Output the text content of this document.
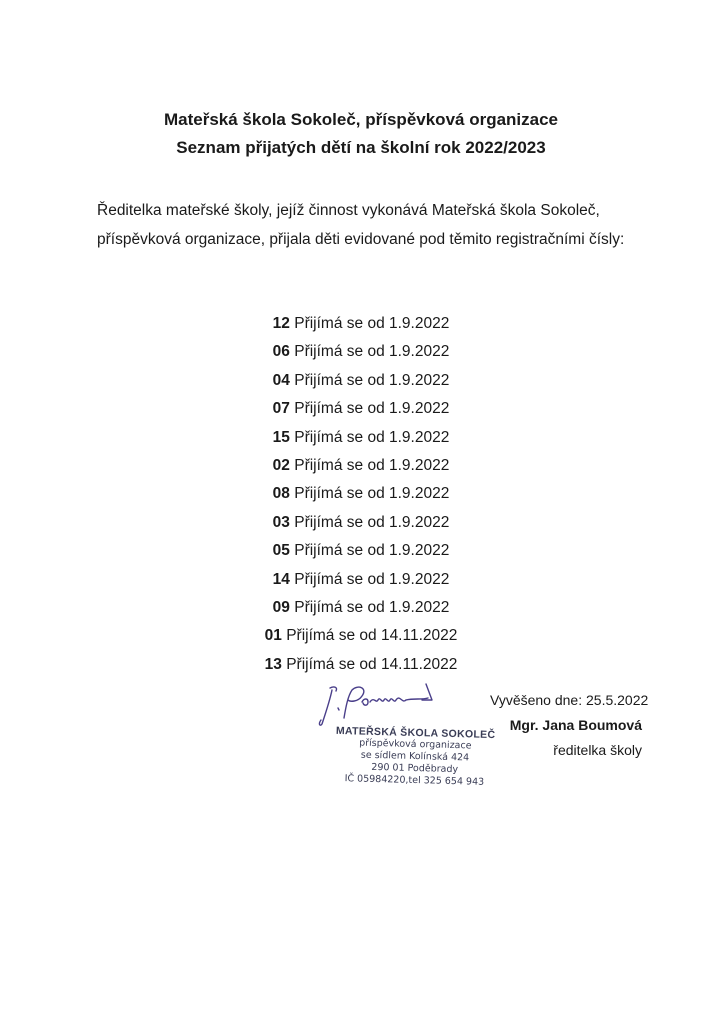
Mateřská škola Sokoleč, příspěvková organizace
Seznam přijatých dětí na školní rok 2022/2023

Ředitelka mateřské školy, jejíž činnost vykonává Mateřská škola Sokoleč, příspěvková organizace, přijala děti evidované pod těmito registračními čísly:

12 Přijímá se od 1.9.2022
06 Přijímá se od 1.9.2022
04 Přijímá se od 1.9.2022
07 Přijímá se od 1.9.2022
15 Přijímá se od 1.9.2022
02 Přijímá se od 1.9.2022
08 Přijímá se od 1.9.2022
03 Přijímá se od 1.9.2022
05 Přijímá se od 1.9.2022
14 Přijímá se od 1.9.2022
09 Přijímá se od 1.9.2022
01 Přijímá se od 14.11.2022
13 Přijímá se od 14.11.2022
Vyvěšeno dne: 25.5.2022
Mgr. Jana Boumová
ředitelka školy
MATEŘSKÁ ŠKOLA SOKOLEČ
příspěvková organizace
se sídlem Kolínská 424
290 01 Poděbrady
IČ 05984220,tel 325 654 943
